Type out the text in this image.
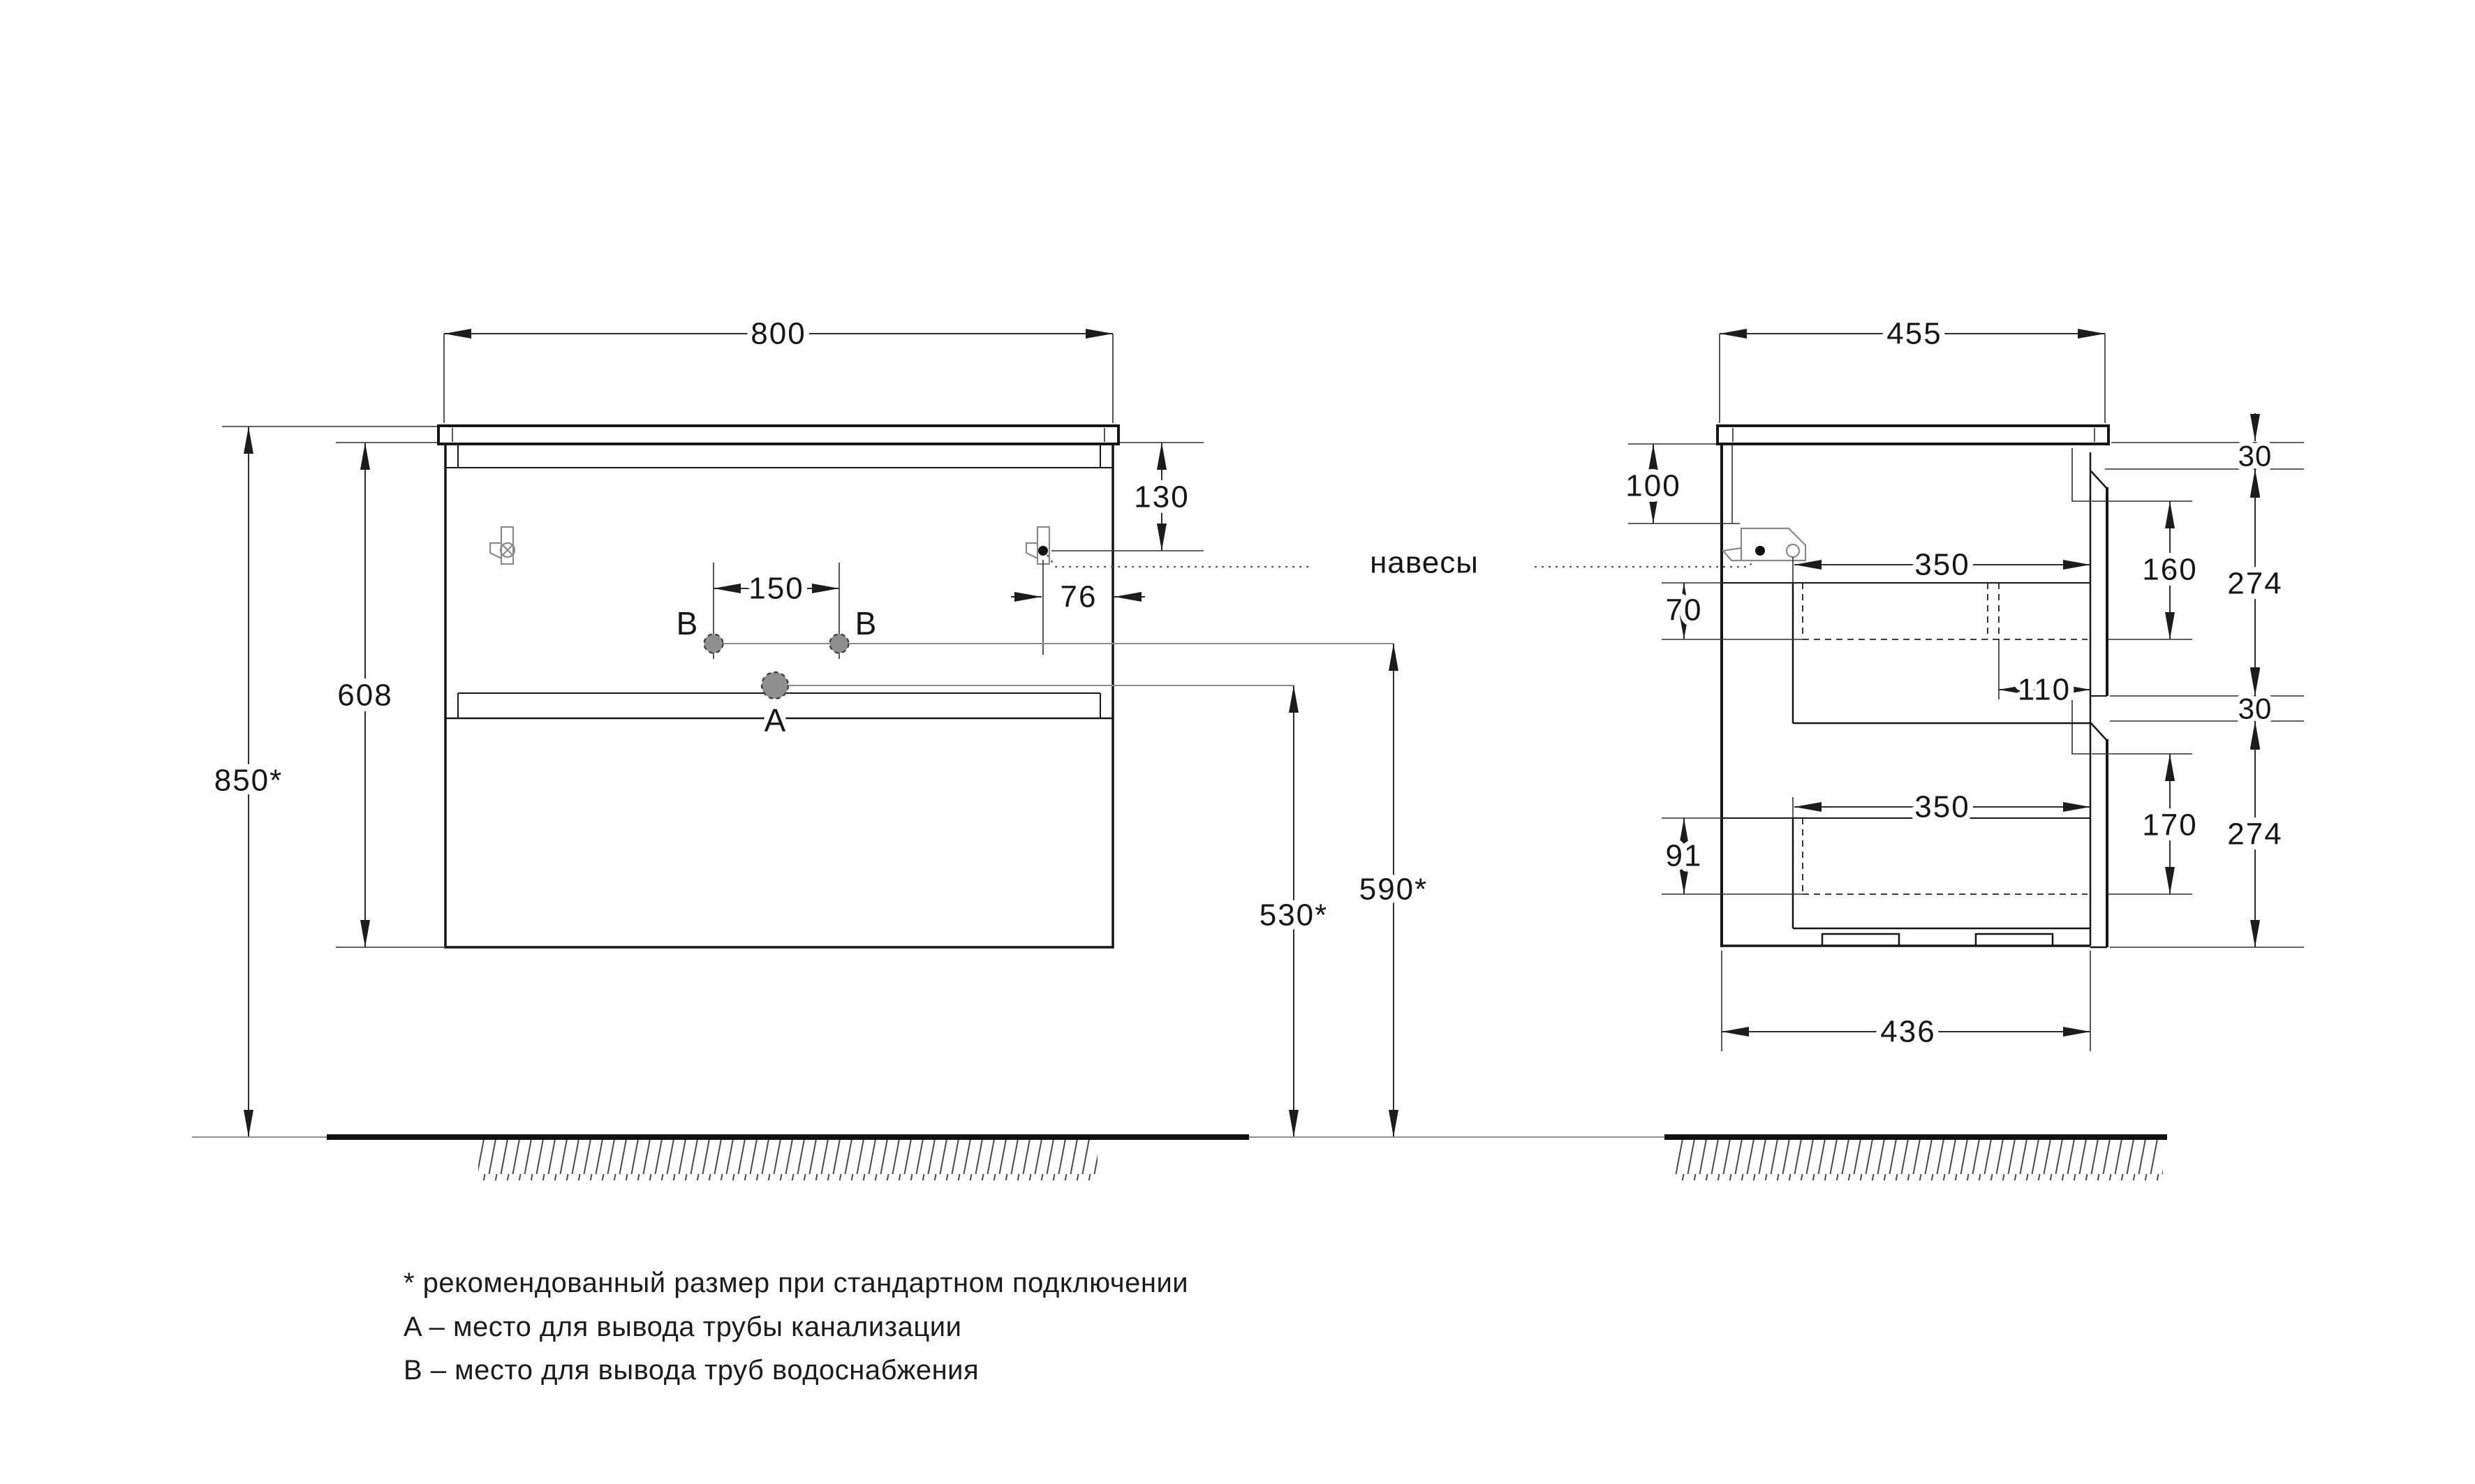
800
130
76
150
B	B
A
608
850*
530*
590*
навесы
455
100
70
350
110
160
170
91
350
30
274
30
274
436
* рекомендованный размер при стандартном подключении
A – место для вывода трубы канализации
B – место для вывода труб водоснабжения
